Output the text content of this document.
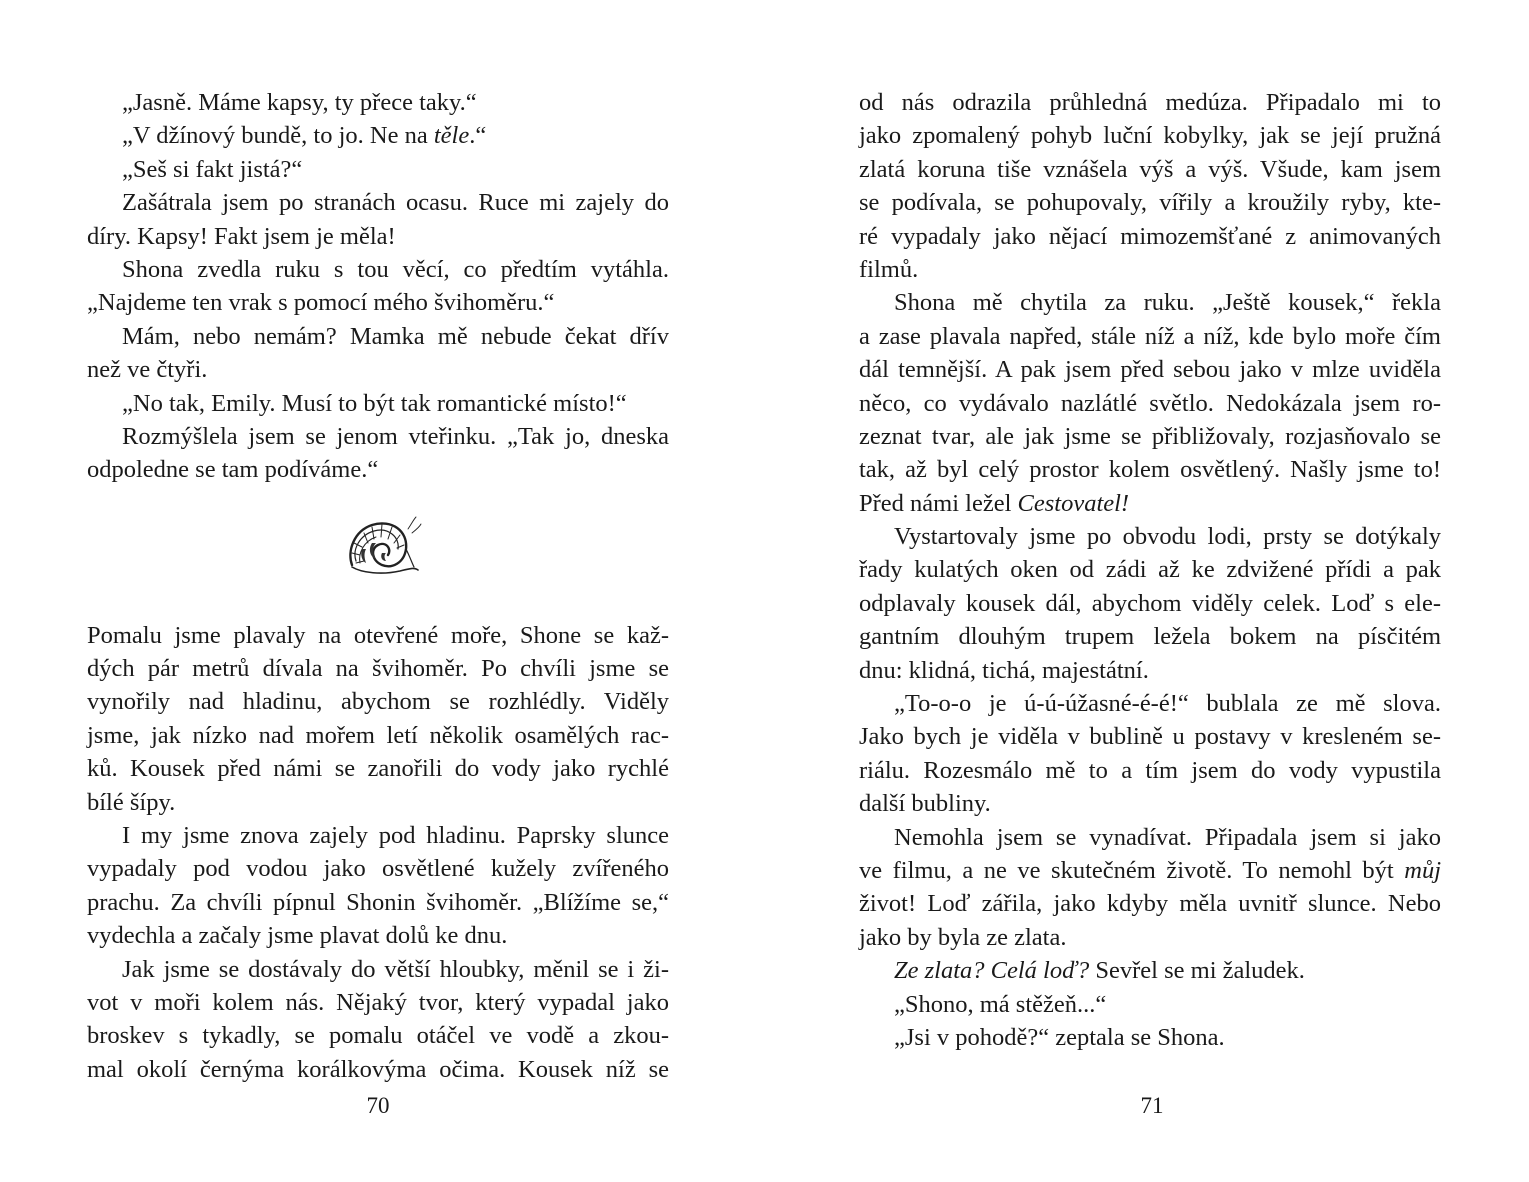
„Jasně. Máme kapsy, ty přece taky.“
„V džínový bundě, to jo. Ne na těle.“
„Seš si fakt jistá?“
Zašátrala jsem po stranách ocasu. Ruce mi zajely do
díry. Kapsy! Fakt jsem je měla!
Shona zvedla ruku s tou věcí, co předtím vytáhla.
„Najdeme ten vrak s pomocí mého švihoměru.“
Mám, nebo nemám? Mamka mě nebude čekat dřív
než ve čtyři.
„No tak, Emily. Musí to být tak romantické místo!“
Rozmýšlela jsem se jenom vteřinku. „Tak jo, dneska
odpoledne se tam podíváme.“
Pomalu jsme plavaly na otevřené moře, Shone se kaž-
dých pár metrů dívala na švihoměr. Po chvíli jsme se
vynořily nad hladinu, abychom se rozhlédly. Viděly
jsme, jak nízko nad mořem letí několik osamělých rac-
ků. Kousek před námi se zanořili do vody jako rychlé
bílé šípy.
I my jsme znova zajely pod hladinu. Paprsky slunce
vypadaly pod vodou jako osvětlené kužely zvířeného
prachu. Za chvíli pípnul Shonin švihoměr. „Blížíme se,“
vydechla a začaly jsme plavat dolů ke dnu.
Jak jsme se dostávaly do větší hloubky, měnil se i ži-
vot v moři kolem nás. Nějaký tvor, který vypadal jako
broskev s tykadly, se pomalu otáčel ve vodě a zkou-
mal okolí černýma korálkovýma očima. Kousek níž se
od nás odrazila průhledná medúza. Připadalo mi to
jako zpomalený pohyb luční kobylky, jak se její pružná
zlatá koruna tiše vznášela výš a výš. Všude, kam jsem
se podívala, se pohupovaly, vířily a kroužily ryby, kte-
ré vypadaly jako nějací mimozemšťané z animovaných
filmů.
Shona mě chytila za ruku. „Ještě kousek,“ řekla
a zase plavala napřed, stále níž a níž, kde bylo moře čím
dál temnější. A pak jsem před sebou jako v mlze uviděla
něco, co vydávalo nazlátlé světlo. Nedokázala jsem ro-
zeznat tvar, ale jak jsme se přibližovaly, rozjasňovalo se
tak, až byl celý prostor kolem osvětlený. Našly jsme to!
Před námi ležel Cestovatel!
Vystartovaly jsme po obvodu lodi, prsty se dotýkaly
řady kulatých oken od zádi až ke zdvižené přídi a pak
odplavaly kousek dál, abychom viděly celek. Loď s ele-
gantním dlouhým trupem ležela bokem na písčitém
dnu: klidná, tichá, majestátní.
„To-o-o je ú-ú-úžasné-é-é!“ bublala ze mě slova.
Jako bych je viděla v bublině u postavy v kresleném se-
riálu. Rozesmálo mě to a tím jsem do vody vypustila
další bubliny.
Nemohla jsem se vynadívat. Připadala jsem si jako
ve filmu, a ne ve skutečném životě. To nemohl být můj
život! Loď zářila, jako kdyby měla uvnitř slunce. Nebo
jako by byla ze zlata.
Ze zlata? Celá loď? Sevřel se mi žaludek.
„Shono, má stěžeň...“
„Jsi v pohodě?“ zeptala se Shona.
70	71
